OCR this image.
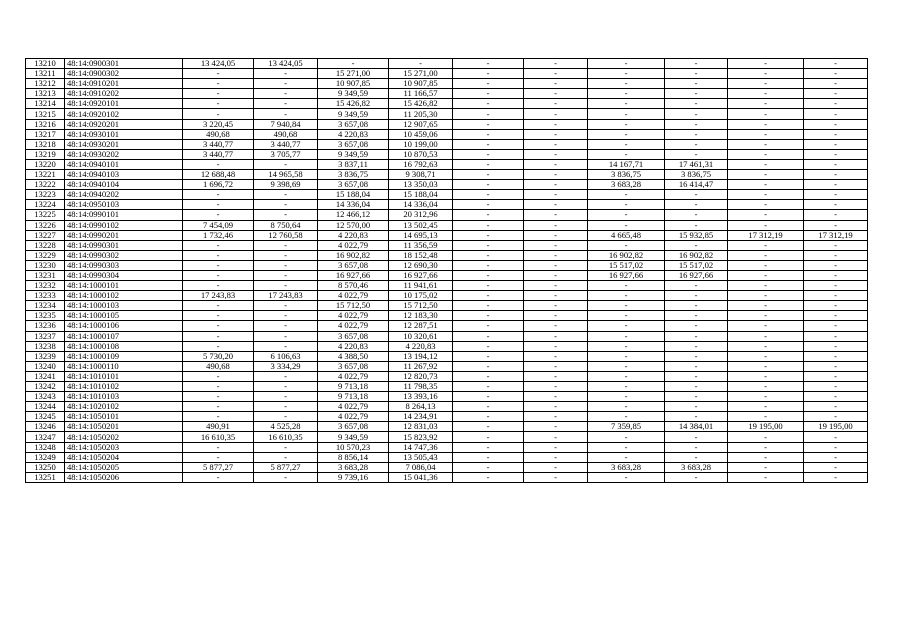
13210	48:14:0900301	13 424,05	13 424,05	-	-	-	-	-	-	-	-
13211	48:14:0900302	-	-	15 271,00	15 271,00	-	-	-	-	-	-
13212	48:14:0910201	-	-	10 907,85	10 907,85	-	-	-	-	-	-
13213	48:14:0910202	-	-	9 349,59	11 166,57	-	-	-	-	-	-
13214	48:14:0920101	-	-	15 426,82	15 426,82	-	-	-	-	-	-
13215	48:14:0920102	-	-	9 349,59	11 205,30	-	-	-	-	-	-
13216	48:14:0920201	3 220,45	7 940,84	3 657,08	12 907,65	-	-	-	-	-	-
13217	48:14:0930101	490,68	490,68	4 220,83	10 459,06	-	-	-	-	-	-
13218	48:14:0930201	3 440,77	3 440,77	3 657,08	10 199,00	-	-	-	-	-	-
13219	48:14:0930202	3 440,77	3 705,77	9 349,59	10 870,53	-	-	-	-	-	-
13220	48:14:0940101	-	-	3 837,11	16 792,63	-	-	14 167,71	17 461,31	-	-
13221	48:14:0940103	12 688,48	14 965,58	3 836,75	9 308,71	-	-	3 836,75	3 836,75	-	-
13222	48:14:0940104	1 696,72	9 398,69	3 657,08	13 350,03	-	-	3 683,28	16 414,47	-	-
13223	48:14:0940202	-	-	15 188,04	15 188,04	-	-	-	-	-	-
13224	48:14:0950103	-	-	14 336,04	14 336,04	-	-	-	-	-	-
13225	48:14:0990101	-	-	12 466,12	20 312,96	-	-	-	-	-	-
13226	48:14:0990102	7 454,09	8 750,64	12 570,00	13 502,45	-	-	-	-	-	-
13227	48:14:0990201	1 732,46	12 760,58	4 220,83	14 695,13	-	-	4 665,48	15 932,85	17 312,19	17 312,19
13228	48:14:0990301	-	-	4 022,79	11 356,59	-	-	-	-	-	-
13229	48:14:0990302	-	-	16 902,82	18 152,48	-	-	16 902,82	16 902,82	-	-
13230	48:14:0990303	-	-	3 657,08	12 690,30	-	-	15 517,02	15 517,02	-	-
13231	48:14:0990304	-	-	16 927,66	16 927,66	-	-	16 927,66	16 927,66	-	-
13232	48:14:1000101	-	-	8 570,46	11 941,61	-	-	-	-	-	-
13233	48:14:1000102	17 243,83	17 243,83	4 022,79	10 175,02	-	-	-	-	-	-
13234	48:14:1000103	-	-	15 712,50	15 712,50	-	-	-	-	-	-
13235	48:14:1000105	-	-	4 022,79	12 183,30	-	-	-	-	-	-
13236	48:14:1000106	-	-	4 022,79	12 287,51	-	-	-	-	-	-
13237	48:14:1000107	-	-	3 657,08	10 320,61	-	-	-	-	-	-
13238	48:14:1000108	-	-	4 220,83	4 220,83	-	-	-	-	-	-
13239	48:14:1000109	5 730,20	6 106,63	4 388,50	13 194,12	-	-	-	-	-	-
13240	48:14:1000110	490,68	3 334,29	3 657,08	11 267,92	-	-	-	-	-	-
13241	48:14:1010101	-	-	4 022,79	12 820,73	-	-	-	-	-	-
13242	48:14:1010102	-	-	9 713,18	11 798,35	-	-	-	-	-	-
13243	48:14:1010103	-	-	9 713,18	13 393,16	-	-	-	-	-	-
13244	48:14:1020102	-	-	4 022,79	8 264,13	-	-	-	-	-	-
13245	48:14:1050101	-	-	4 022,79	14 234,91	-	-	-	-	-	-
13246	48:14:1050201	490,91	4 525,28	3 657,08	12 831,03	-	-	7 359,85	14 384,01	19 195,00	19 195,00
13247	48:14:1050202	16 610,35	16 610,35	9 349,59	15 823,92	-	-	-	-	-	-
13248	48:14:1050203	-	-	10 570,23	14 747,36	-	-	-	-	-	-
13249	48:14:1050204	-	-	8 856,14	13 505,43	-	-	-	-	-	-
13250	48:14:1050205	5 877,27	5 877,27	3 683,28	7 086,04	-	-	3 683,28	3 683,28	-	-
13251	48:14:1050206	-	-	9 739,16	15 041,36	-	-	-	-	-	-
